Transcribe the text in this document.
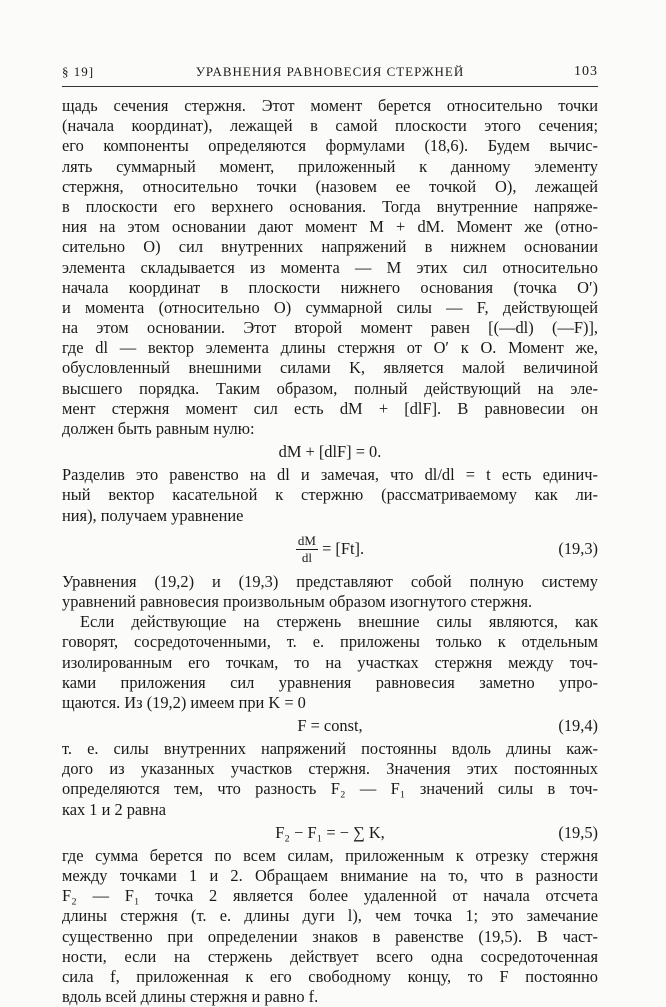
§ 19]	УРАВНЕНИЯ РАВНОВЕСИЯ СТЕРЖНЕЙ	103
щадь сечения стержня. Этот момент берется относительно точки
(начала координат), лежащей в самой плоскости этого сечения;
его компоненты определяются формулами (18,6). Будем вычис-
лять суммарный момент, приложенный к данному элементу
стержня, относительно точки (назовем ее точкой О), лежащей
в плоскости его верхнего основания. Тогда внутренние напряже-
ния на этом основании дают момент M + dM. Момент же (отно-
сительно О) сил внутренних напряжений в нижнем основании
элемента складывается из момента — M этих сил относительно
начала координат в плоскости нижнего основания (точка О′)
и момента (относительно О) суммарной силы — F, действующей
на этом основании. Этот второй момент равен [(—dl) (—F)],
где dl — вектор элемента длины стержня от О′ к О. Момент же,
обусловленный внешними силами K, является малой величиной
высшего порядка. Таким образом, полный действующий на эле-
мент стержня момент сил есть dM + [dlF]. В равновесии он
должен быть равным нулю:
dM + [dlF] = 0.
Разделив это равенство на dl и замечая, что dl/dl = t есть единич-
ный вектор касательной к стержню (рассматриваемому как ли-
ния), получаем уравнение
$\frac{dM}{dl} = [Ft]$.	(19,3)
Уравнения (19,2) и (19,3) представляют собой полную систему
уравнений равновесия произвольным образом изогнутого стержня.
Если действующие на стержень внешние силы являются, как
говорят, сосредоточенными, т. е. приложены только к отдельным
изолированным его точкам, то на участках стержня между точ-
ками приложения сил уравнения равновесия заметно упро-
щаются. Из (19,2) имеем при K = 0
F = const,	(19,4)
т. е. силы внутренних напряжений постоянны вдоль длины каж-
дого из указанных участков стержня. Значения этих постоянных
определяются тем, что разность F₂ — F₁ значений силы в точ-
ках 1 и 2 равна
F₂ − F₁ = − ∑ K,	(19,5)
где сумма берется по всем силам, приложенным к отрезку стержня
между точками 1 и 2. Обращаем внимание на то, что в разности
F₂ — F₁ точка 2 является более удаленной от начала отсчета
длины стержня (т. е. длины дуги l), чем точка 1; это замечание
существенно при определении знаков в равенстве (19,5). В част-
ности, если на стержень действует всего одна сосредоточенная
сила f, приложенная к его свободному концу, то F постоянно
вдоль всей длины стержня и равно f.
